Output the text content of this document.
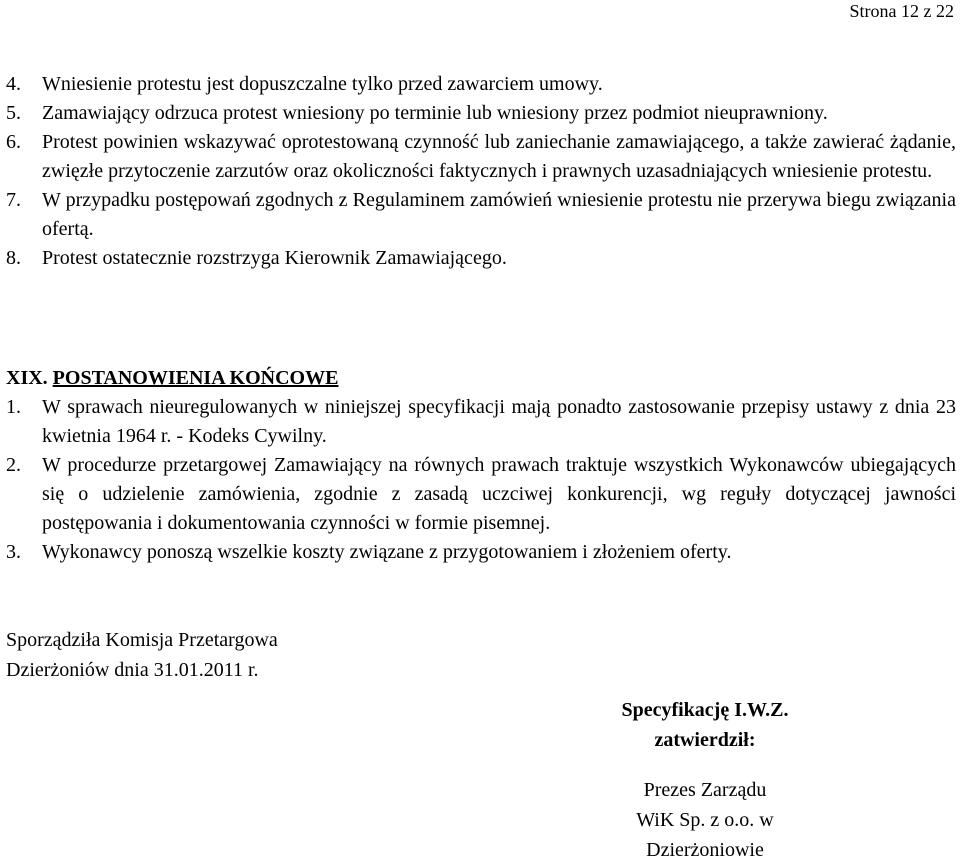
Strona 12 z 22
4.	Wniesienie protestu jest dopuszczalne tylko przed zawarciem umowy.
5.	Zamawiający odrzuca protest wniesiony po terminie lub wniesiony przez podmiot nieuprawniony.
6.	Protest powinien wskazywać oprotestowaną czynność lub zaniechanie zamawiającego, a także zawierać żądanie, zwięzłe przytoczenie zarzutów oraz okoliczności faktycznych i prawnych uzasadniających wniesienie protestu.
7.	W przypadku postępowań zgodnych z Regulaminem zamówień wniesienie protestu nie przerywa biegu związania ofertą.
8.	Protest ostatecznie rozstrzyga Kierownik Zamawiającego.
XIX. POSTANOWIENIA KOŃCOWE
1.	W sprawach nieuregulowanych w niniejszej specyfikacji mają ponadto zastosowanie przepisy ustawy z dnia 23 kwietnia 1964 r. - Kodeks Cywilny.
2.	W procedurze przetargowej Zamawiający na równych prawach traktuje wszystkich Wykonawców ubiegających się o udzielenie zamówienia, zgodnie z zasadą uczciwej konkurencji, wg reguły dotyczącej jawności postępowania i dokumentowania czynności w formie pisemnej.
3.	Wykonawcy ponoszą wszelkie koszty związane z przygotowaniem i złożeniem oferty.
Sporządziła Komisja Przetargowa
Dzierżoniów dnia 31.01.2011 r.
Specyfikację I.W.Z.
zatwierdził:
Prezes Zarządu
WiK Sp. z o.o. w Dzierżoniowie
